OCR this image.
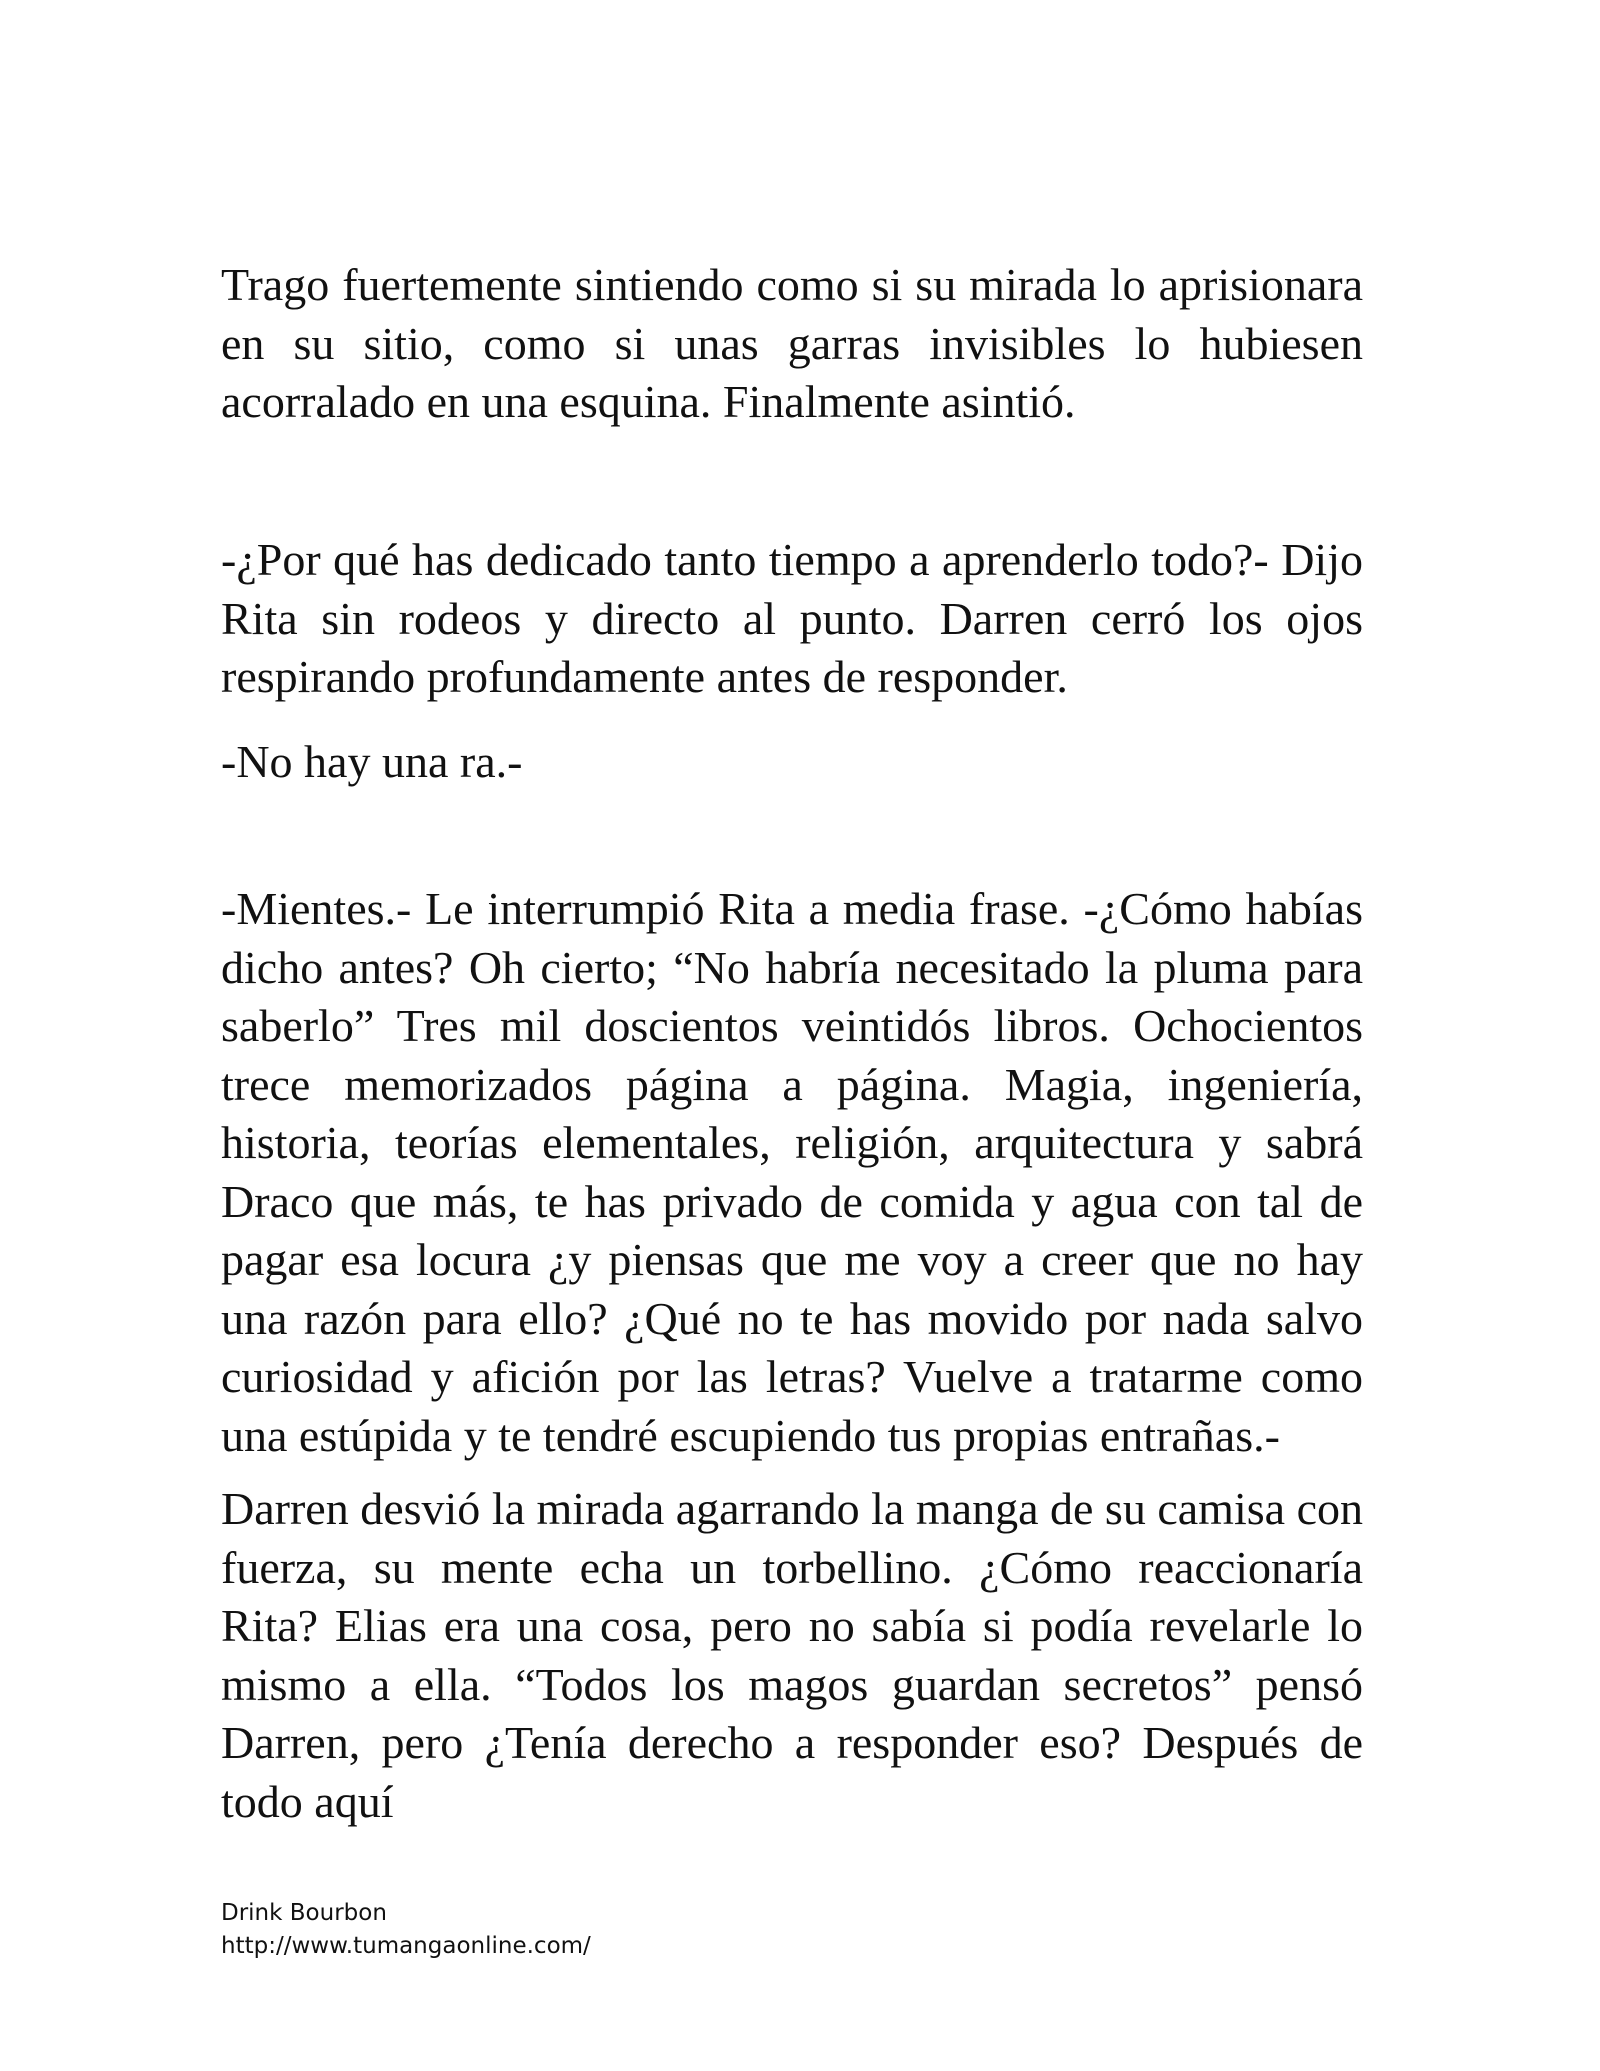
Trago fuertemente sintiendo como si su mirada lo aprisionara en su sitio, como si unas garras invisibles lo hubiesen acorralado en una esquina. Finalmente asintió.

-¿Por qué has dedicado tanto tiempo a aprenderlo todo?- Dijo Rita sin rodeos y directo al punto. Darren cerró los ojos respirando profundamente antes de responder.

-No hay una ra.-

-Mientes.- Le interrumpió Rita a media frase. -¿Cómo habías dicho antes? Oh cierto; “No habría necesitado la pluma para saberlo” Tres mil doscientos veintidós libros. Ochocientos trece memorizados página a página. Magia, ingeniería, historia, teorías elementales, religión, arquitectura y sabrá Draco que más, te has privado de comida y agua con tal de pagar esa locura ¿y piensas que me voy a creer que no hay una razón para ello? ¿Qué no te has movido por nada salvo curiosidad y afición por las letras? Vuelve a tratarme como una estúpida y te tendré escupiendo tus propias entrañas.-

Darren desvió la mirada agarrando la manga de su camisa con fuerza, su mente echa un torbellino. ¿Cómo reaccionaría Rita? Elias era una cosa, pero no sabía si podía revelarle lo mismo a ella. “Todos los magos guardan secretos” pensó Darren, pero ¿Tenía derecho a responder eso? Después de todo aquí

Drink Bourbon
http://www.tumangaonline.com/
